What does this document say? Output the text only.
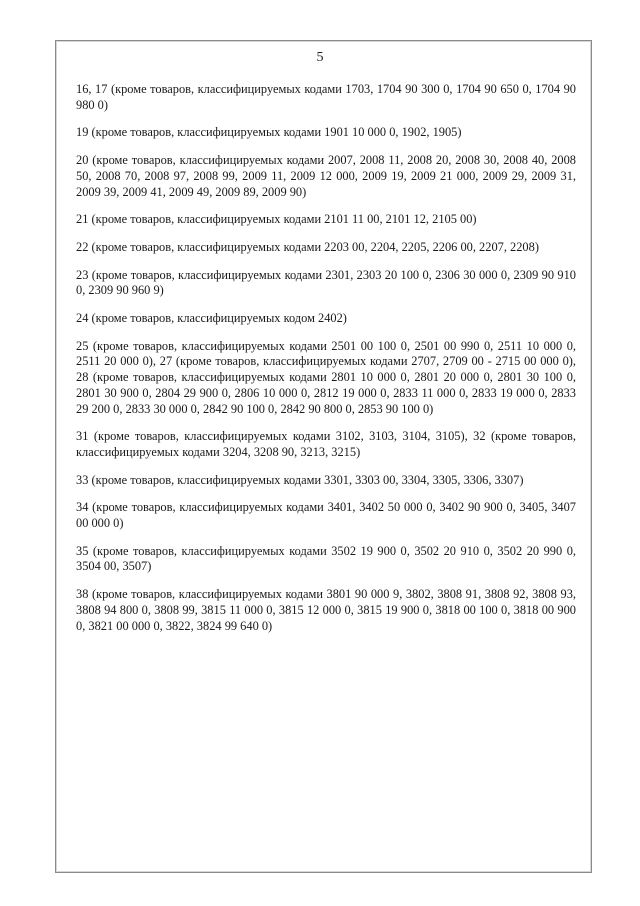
5

16, 17 (кроме товаров, классифицируемых кодами 1703, 1704 90 300 0, 1704 90 650 0, 1704 90 980 0)

19 (кроме товаров, классифицируемых кодами 1901 10 000 0, 1902, 1905)

20 (кроме товаров, классифицируемых кодами 2007, 2008 11, 2008 20, 2008 30, 2008 40, 2008 50, 2008 70, 2008 97, 2008 99, 2009 11, 2009 12 000, 2009 19, 2009 21 000, 2009 29, 2009 31, 2009 39, 2009 41, 2009 49, 2009 89, 2009 90)

21 (кроме товаров, классифицируемых кодами 2101 11 00, 2101 12, 2105 00)

22 (кроме товаров, классифицируемых кодами 2203 00, 2204, 2205, 2206 00, 2207, 2208)

23 (кроме товаров, классифицируемых кодами 2301, 2303 20 100 0, 2306 30 000 0, 2309 90 910 0, 2309 90 960 9)

24 (кроме товаров, классифицируемых кодом 2402)

25 (кроме товаров, классифицируемых кодами 2501 00 100 0, 2501 00 990 0, 2511 10 000 0, 2511 20 000 0), 27 (кроме товаров, классифицируемых кодами 2707, 2709 00 - 2715 00 000 0), 28 (кроме товаров, классифицируемых кодами 2801 10 000 0, 2801 20 000 0, 2801 30 100 0, 2801 30 900 0, 2804 29 900 0, 2806 10 000 0, 2812 19 000 0, 2833 11 000 0, 2833 19 000 0, 2833 29 200 0, 2833 30 000 0, 2842 90 100 0, 2842 90 800 0, 2853 90 100 0)

31 (кроме товаров, классифицируемых кодами 3102, 3103, 3104, 3105), 32 (кроме товаров, классифицируемых кодами 3204, 3208 90, 3213, 3215)

33 (кроме товаров, классифицируемых кодами 3301, 3303 00, 3304, 3305, 3306, 3307)

34 (кроме товаров, классифицируемых кодами 3401, 3402 50 000 0, 3402 90 900 0, 3405, 3407 00 000 0)

35 (кроме товаров, классифицируемых кодами 3502 19 900 0, 3502 20 910 0, 3502 20 990 0, 3504 00, 3507)

38 (кроме товаров, классифицируемых кодами 3801 90 000 9, 3802, 3808 91, 3808 92, 3808 93, 3808 94 800 0, 3808 99, 3815 11 000 0, 3815 12 000 0, 3815 19 900 0, 3818 00 100 0, 3818 00 900 0, 3821 00 000 0, 3822, 3824 99 640 0)
